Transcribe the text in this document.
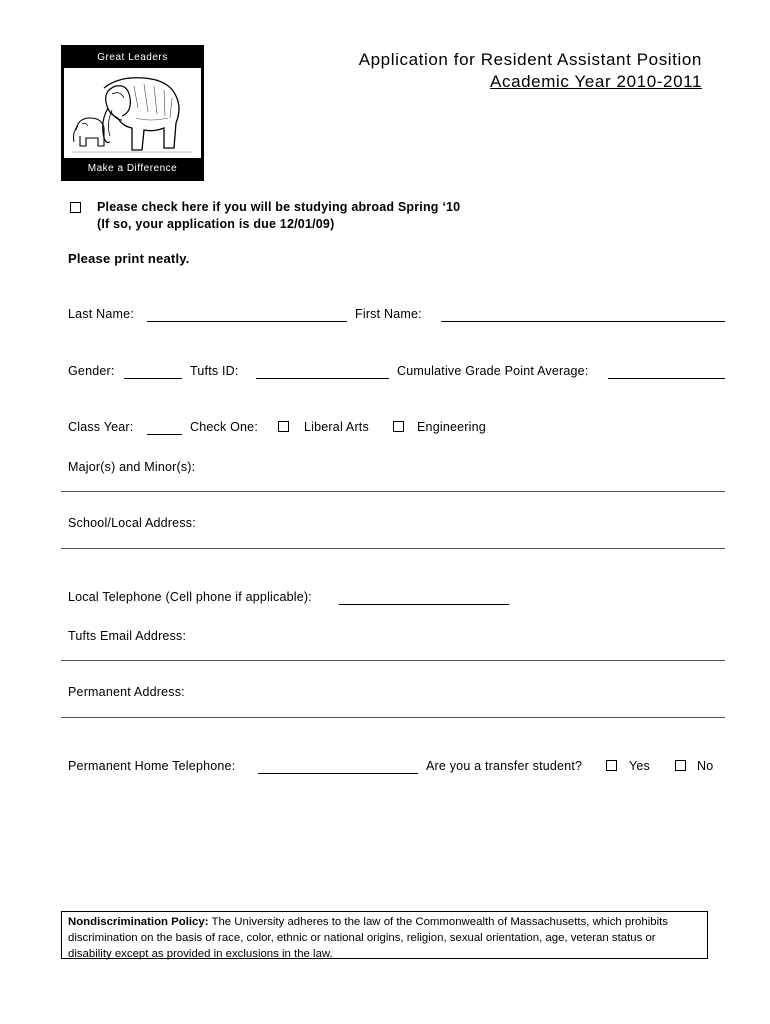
Great Leaders
Make a Difference
Application for Resident Assistant Position
Academic Year 2010-2011
Please check here if you will be studying abroad Spring ‘10
(If so, your application is due 12/01/09)
Please print neatly.
Last Name:	First Name:
Gender:	Tufts ID:	Cumulative Grade Point Average:
Class Year:	Check One:	Liberal Arts	Engineering
Major(s) and Minor(s):
School/Local Address:
Local Telephone (Cell phone if applicable):
Tufts Email Address:
Permanent Address:
Permanent Home Telephone:	Are you a transfer student?	Yes	No
Nondiscrimination Policy: The University adheres to the law of the Commonwealth of Massachusetts, which prohibits discrimination on the basis of race, color, ethnic or national origins, religion, sexual orientation, age, veteran status or disability except as provided in exclusions in the law.
